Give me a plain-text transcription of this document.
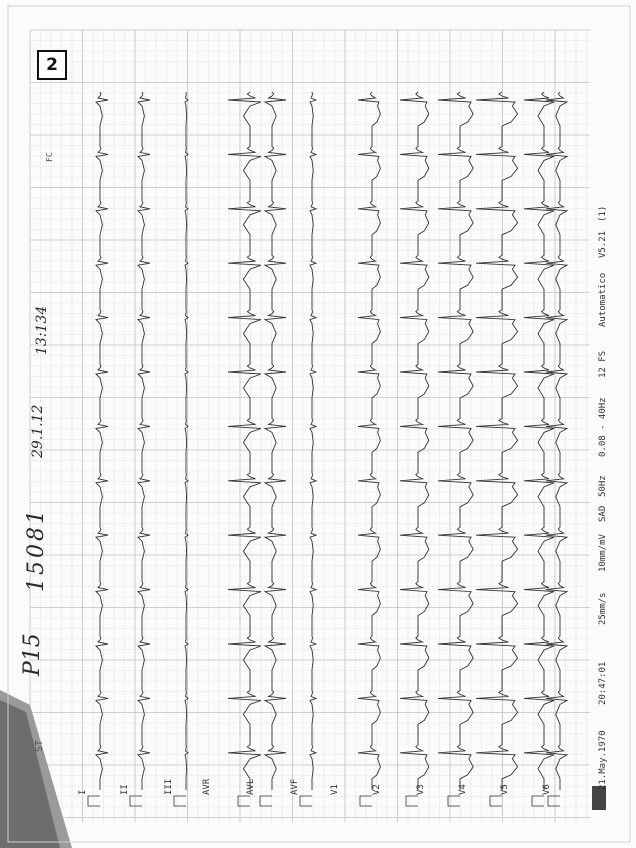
2
I	II	III	AVR	AVL	AVF	V1	V2	V3	V4	V5	V6
ST
FC
P15
15081
29.1.12
13:134
21.May.1970
20:47:01
25mm/s
10mm/mV
SAD
50Hz
0.08 - 40Hz
12 FS
Automatico
V5.21
(1)
